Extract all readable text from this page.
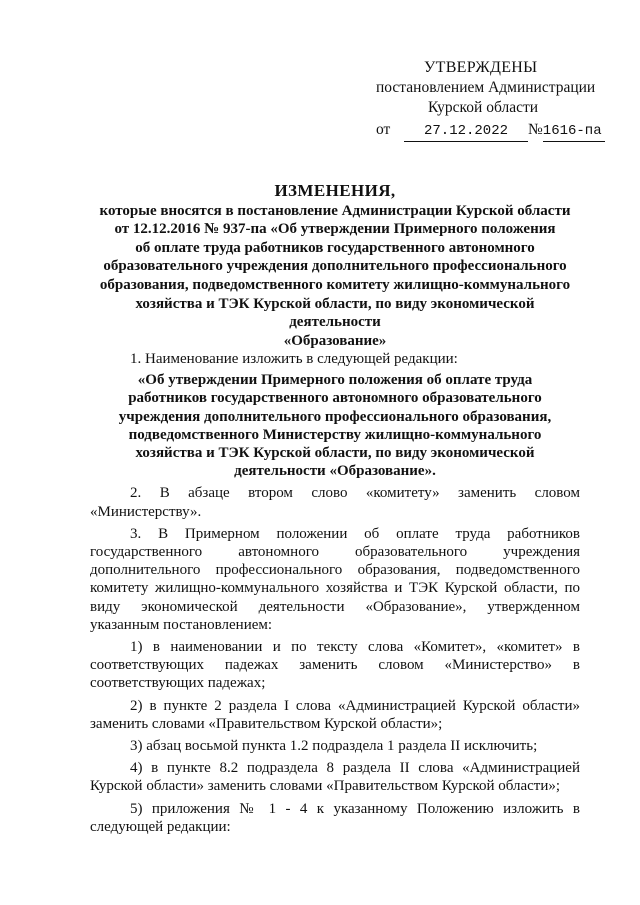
УТВЕРЖДЕНЫ
постановлением Администрации
Курской области
от	27.12.2022	№ 1616-па
ИЗМЕНЕНИЯ,
которые вносятся в постановление Администрации Курской области
от 12.12.2016 № 937-па «Об утверждении Примерного положения
об оплате труда работников государственного автономного
образовательного учреждения дополнительного профессионального
образования, подведомственного комитету жилищно-коммунального
хозяйства и ТЭК Курской области, по виду экономической деятельности
«Образование»

1. Наименование изложить в следующей редакции:

«Об утверждении Примерного положения об оплате труда
работников государственного автономного образовательного
учреждения дополнительного профессионального образования,
подведомственного Министерству жилищно-коммунального
хозяйства и ТЭК Курской области, по виду экономической
деятельности «Образование».

2. В абзаце втором слово «комитету» заменить словом «Министерству».

3. В Примерном положении об оплате труда работников государственного автономного образовательного учреждения дополнительного профессионального образования, подведомственного комитету жилищно-коммунального хозяйства и ТЭК Курской области, по виду экономической деятельности «Образование», утвержденном указанным постановлением:

1) в наименовании и по тексту слова «Комитет», «комитет» в соответствующих падежах заменить словом «Министерство» в соответствующих падежах;

2) в пункте 2 раздела I слова «Администрацией Курской области» заменить словами «Правительством Курской области»;

3) абзац восьмой пункта 1.2 подраздела 1 раздела II исключить;

4) в пункте 8.2 подраздела 8 раздела II слова «Администрацией Курской области» заменить словами «Правительством Курской области»;

5) приложения № 1 - 4 к указанному Положению изложить в следующей редакции:
